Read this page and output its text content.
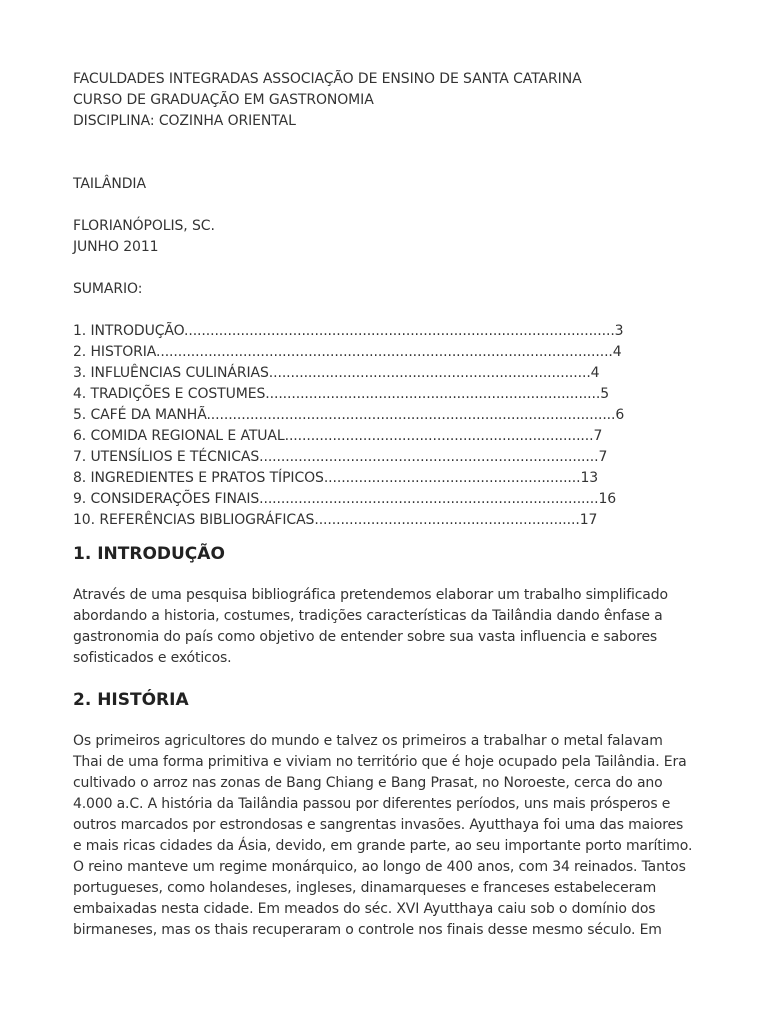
FACULDADES INTEGRADAS ASSOCIAÇÃO DE ENSINO DE SANTA CATARINA
CURSO DE GRADUAÇÃO EM GASTRONOMIA
DISCIPLINA: COZINHA ORIENTAL
TAILÂNDIA
FLORIANÓPOLIS, SC.
JUNHO 2011
SUMARIO:
1. INTRODUÇÃO...................................................................................................3
2. HISTORIA.........................................................................................................4
3. INFLUÊNCIAS CULINÁRIAS..........................................................................4
4. TRADIÇÕES E COSTUMES.............................................................................5
5. CAFÉ DA MANHÃ..............................................................................................6
6. COMIDA REGIONAL E ATUAL.......................................................................7
7. UTENSÍLIOS E TÉCNICAS..............................................................................7
8. INGREDIENTES E PRATOS TÍPICOS...........................................................13
9. CONSIDERAÇÕES FINAIS..............................................................................16
10. REFERÊNCIAS BIBLIOGRÁFICAS.............................................................17
1. INTRODUÇÃO

Através de uma pesquisa bibliográfica pretendemos elaborar um trabalho simplificado
abordando a historia, costumes, tradições características da Tailândia dando ênfase a
gastronomia do país como objetivo de entender sobre sua vasta influencia e sabores
sofisticados e exóticos.

2. HISTÓRIA

Os primeiros agricultores do mundo e talvez os primeiros a trabalhar o metal falavam
Thai de uma forma primitiva e viviam no território que é hoje ocupado pela Tailândia. Era
cultivado o arroz nas zonas de Bang Chiang e Bang Prasat, no Noroeste, cerca do ano
4.000 a.C. A história da Tailândia passou por diferentes períodos, uns mais prósperos e
outros marcados por estrondosas e sangrentas invasões. Ayutthaya foi uma das maiores
e mais ricas cidades da Ásia, devido, em grande parte, ao seu importante porto marítimo.
O reino manteve um regime monárquico, ao longo de 400 anos, com 34 reinados. Tantos
portugueses, como holandeses, ingleses, dinamarqueses e franceses estabeleceram
embaixadas nesta cidade. Em meados do séc. XVI Ayutthaya caiu sob o domínio dos
birmaneses, mas os thais recuperaram o controle nos finais desse mesmo século. Em
